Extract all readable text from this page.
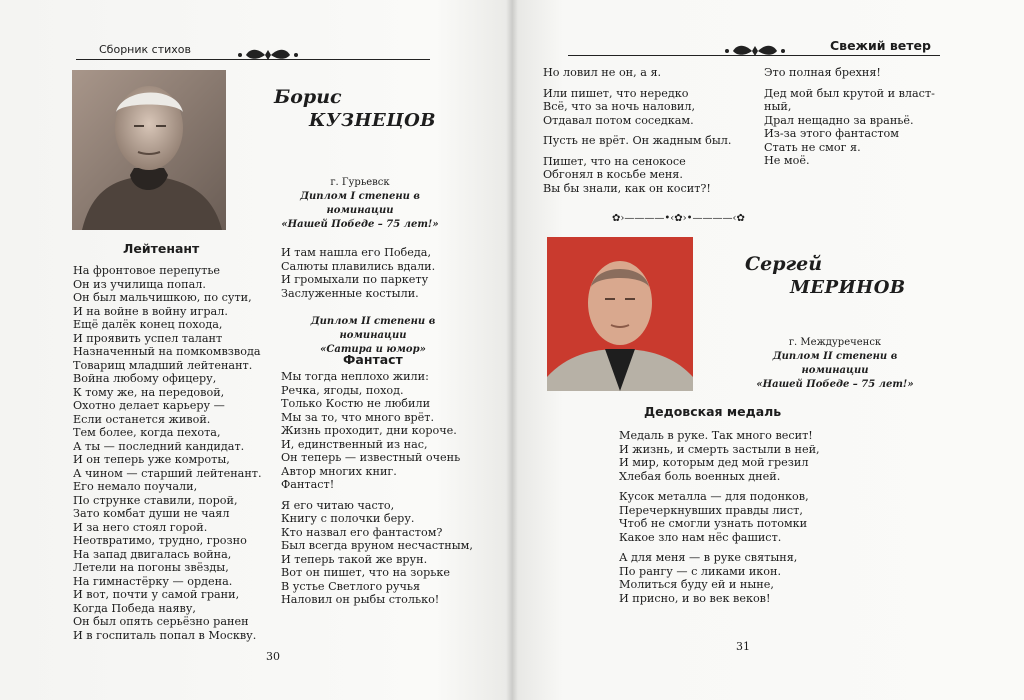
Сборник стихов
Борис
КУЗНЕЦОВ
г. Гурьевск
Диплом I степени в номинации
«Нашей Победе – 75 лет!»
Лейтенант
На фронтовое перепутье
Он из училища попал.
Он был мальчишкою, по сути,
И на войне в войну играл.
Ещё далёк конец похода,
И проявить успел талант
Назначенный на помкомвзвода
Товарищ младший лейтенант.
Война любому офицеру,
К тому же, на передовой,
Охотно делает карьеру —
Если останется живой.
Тем более, когда пехота,
А ты — последний кандидат.
И он теперь уже комроты,
А чином — старший лейтенант.
Его немало поучали,
По струнке ставили, порой,
Зато комбат души не чаял
И за него стоял горой.
Неотвратимо, трудно, грозно
На запад двигалась война,
Летели на погоны звёзды,
На гимнастёрку — ордена.
И вот, почти у самой грани,
Когда Победа наяву,
Он был опять серьёзно ранен
И в госпиталь попал в Москву.
И там нашла его Победа,
Салюты плавились вдали.
И громыхали по паркету
Заслуженные костыли.
Диплом II степени в номинации
«Сатира и юмор»
Фантаст
Мы тогда неплохо жили:
Речка, ягоды, поход.
Только Костю не любили
Мы за то, что много врёт.
Жизнь проходит, дни короче.
И, единственный из нас,
Он теперь — известный очень
Автор многих книг.
Фантаст!
Я его читаю часто,
Книгу с полочки беру.
Кто назвал его фантастом?
Был всегда вруном несчастным,
И теперь такой же врун.
Вот он пишет, что на зорьке
В устье Светлого ручья
Наловил он рыбы столько!
30
Свежий ветер
Но ловил не он, а я.
Или пишет, что нередко
Всё, что за ночь наловил,
Отдавал потом соседкам.
Пусть не врёт. Он жадным был.
Пишет, что на сенокосе
Обгонял в косьбе меня.
Вы бы знали, как он косит?!
Это полная брехня!
Дед мой был крутой и власт-
ный,
Драл нещадно за враньё.
Из-за этого фантастом
Стать не смог я.
Не моё.
✿›————•‹✿›•————‹✿
Сергей
МЕРИНОВ
г. Междуреченск
Диплом II степени в номинации
«Нашей Победе – 75 лет!»
Дедовская медаль
Медаль в руке. Так много весит!
И жизнь, и смерть застыли в ней,
И мир, которым дед мой грезил
Хлебая боль военных дней.
Кусок металла — для подонков,
Перечеркнувших правды лист,
Чтоб не смогли узнать потомки
Какое зло нам нёс фашист.
А для меня — в руке святыня,
По рангу — с ликами икон.
Молиться буду ей и ныне,
И присно, и во век веков!
31
